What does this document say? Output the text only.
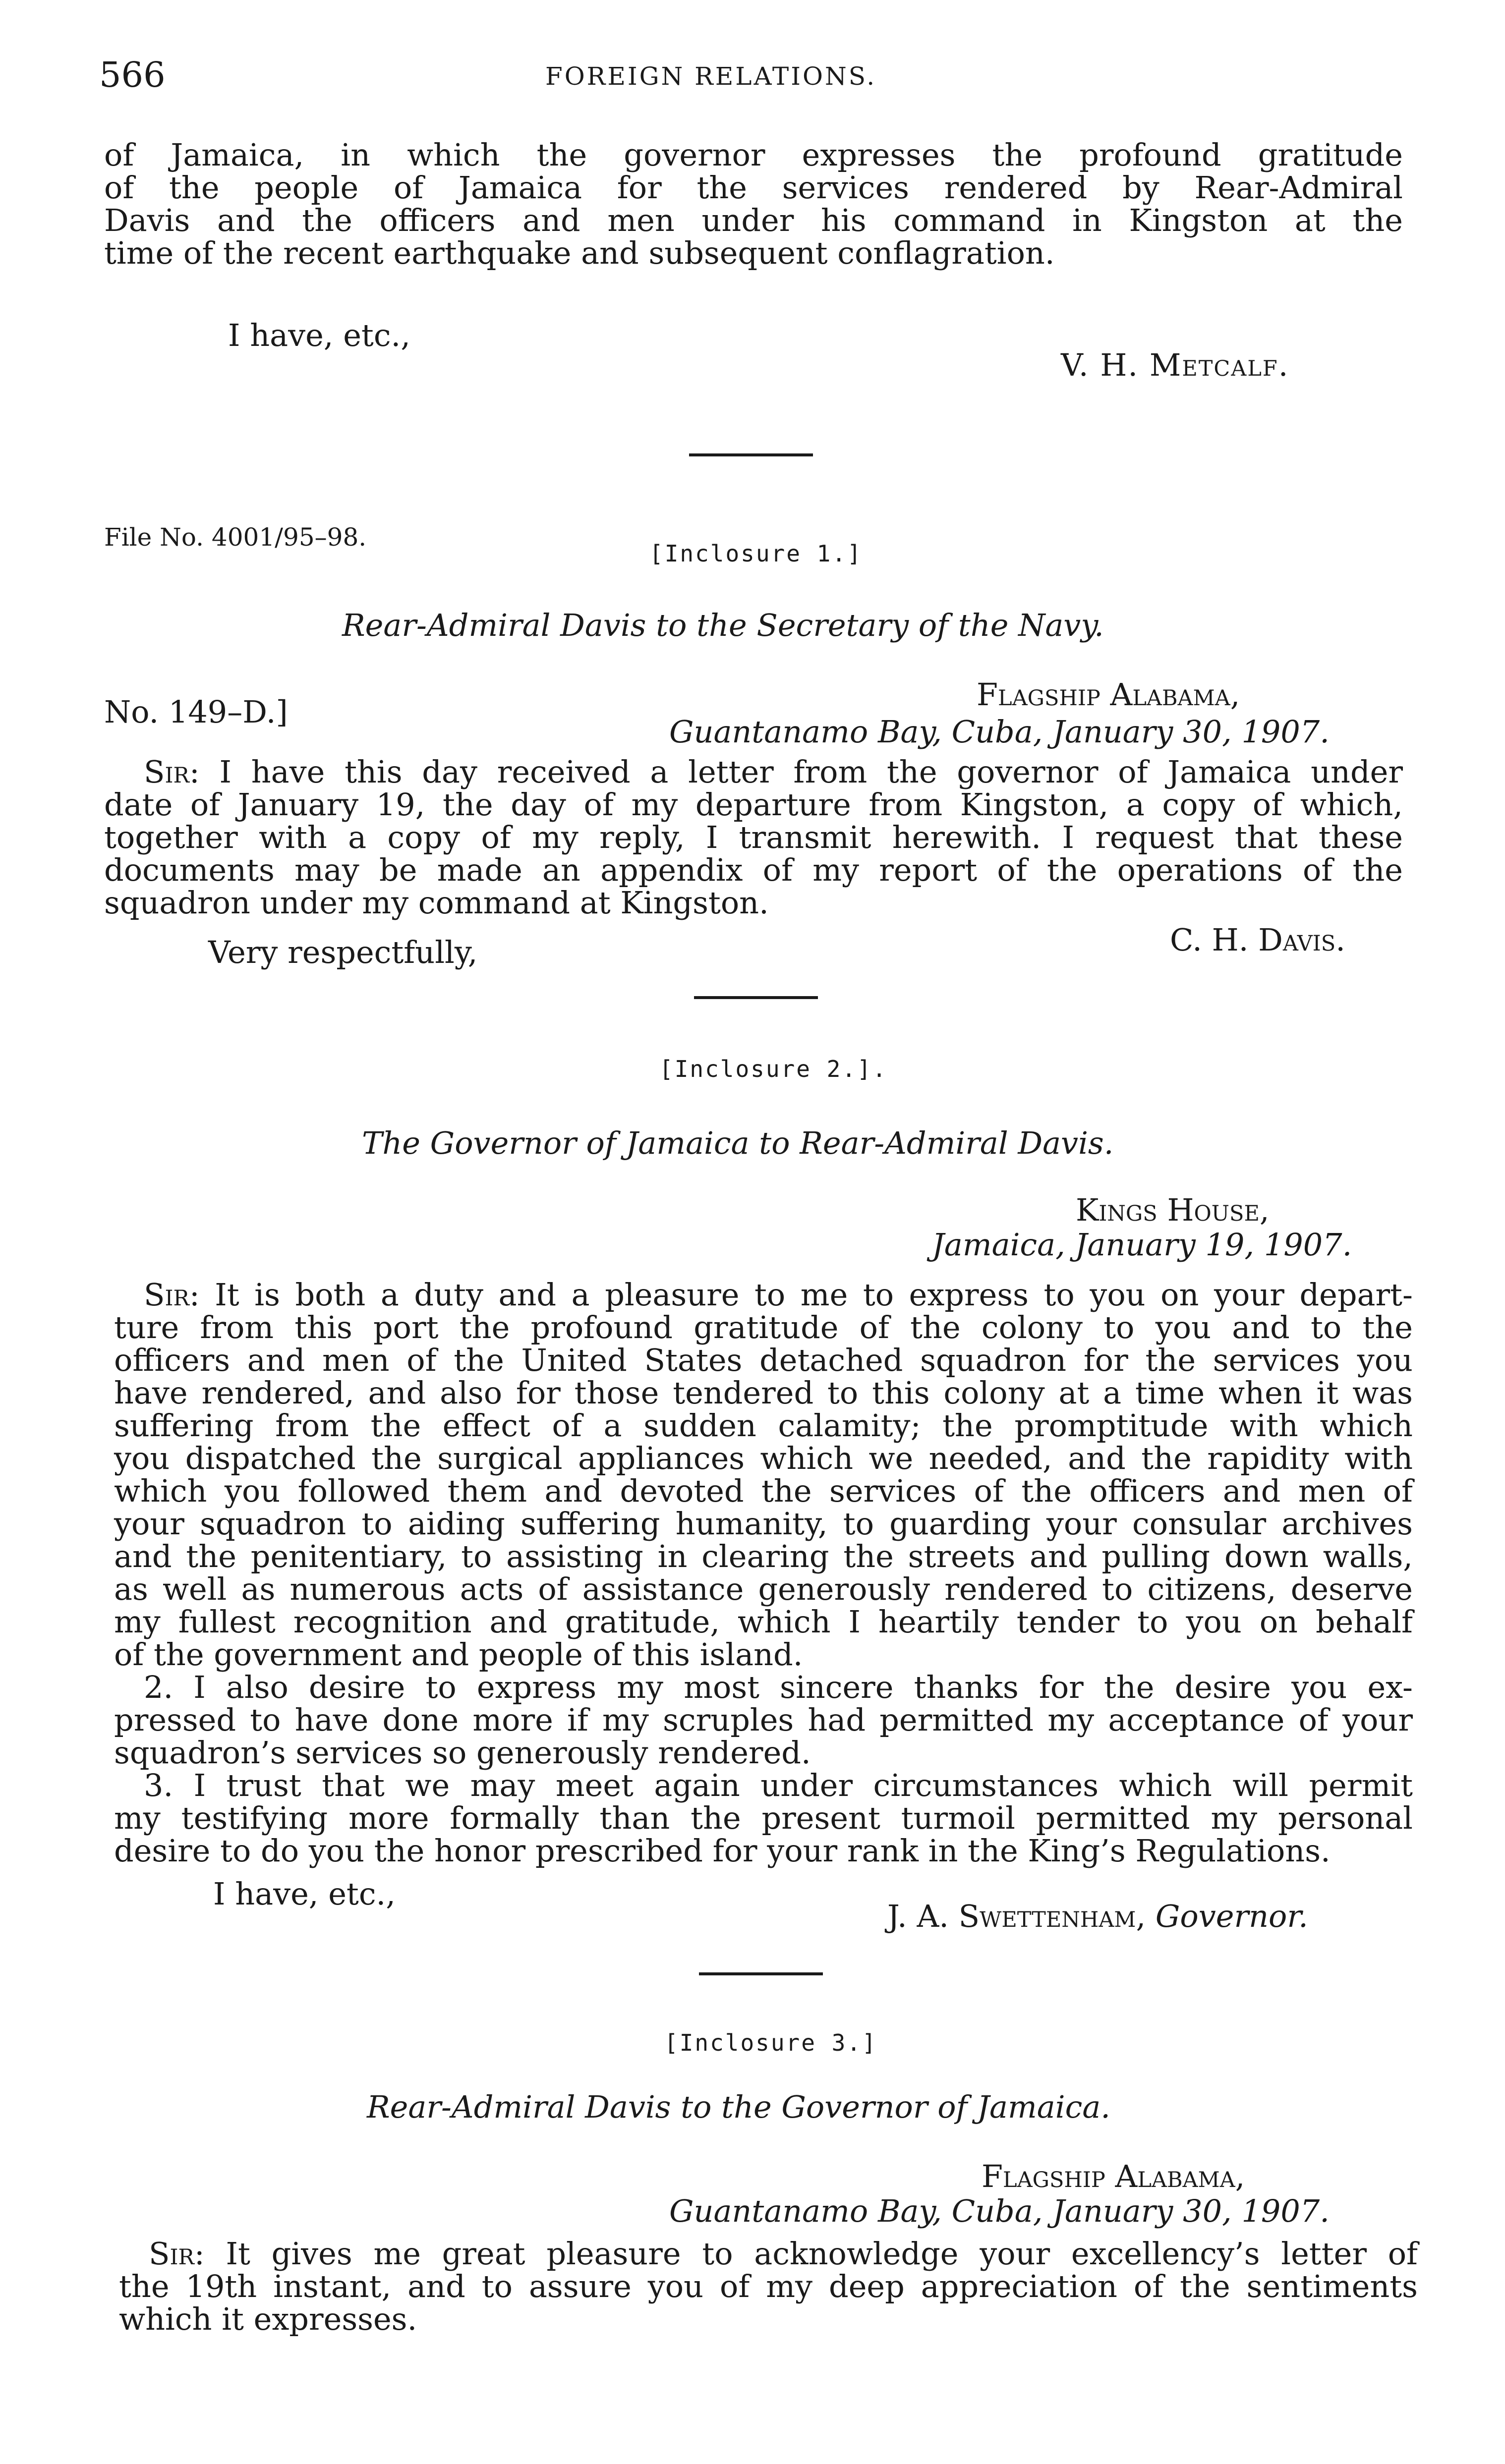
566	FOREIGN RELATIONS.

of Jamaica, in which the governor expresses the profound gratitude

of the people of Jamaica for the services rendered by Rear-Admiral

Davis and the officers and men under his command in Kingston at the

time of the recent earthquake and subsequent conflagration.

I have, etc.,
V. H. Metcalf.
File No. 4001/95–98.
[Inclosure 1.]
Rear-Admiral Davis to the Secretary of the Navy.
No. 149–D.]	Flagship Alabama,
Guantanamo Bay, Cuba, January 30, 1907.

Sir: I have this day received a letter from the governor of Jamaica under

date of January 19, the day of my departure from Kingston, a copy of which,

together with a copy of my reply, I transmit herewith. I request that these

documents may be made an appendix of my report of the operations of the

squadron under my command at Kingston.

Very respectfully,	C. H. Davis.
[Inclosure 2.].
The Governor of Jamaica to Rear-Admiral Davis.
Kings House,
Jamaica, January 19, 1907.

Sir: It is both a duty and a pleasure to me to express to you on your depart-

ture from this port the profound gratitude of the colony to you and to the

officers and men of the United States detached squadron for the services you

have rendered, and also for those tendered to this colony at a time when it was

suffering from the effect of a sudden calamity; the promptitude with which

you dispatched the surgical appliances which we needed, and the rapidity with

which you followed them and devoted the services of the officers and men of

your squadron to aiding suffering humanity, to guarding your consular archives

and the penitentiary, to assisting in clearing the streets and pulling down walls,

as well as numerous acts of assistance generously rendered to citizens, deserve

my fullest recognition and gratitude, which I heartily tender to you on behalf

of the government and people of this island.

2. I also desire to express my most sincere thanks for the desire you ex-

pressed to have done more if my scruples had permitted my acceptance of your

squadron’s services so generously rendered.

3. I trust that we may meet again under circumstances which will permit

my testifying more formally than the present turmoil permitted my personal

desire to do you the honor prescribed for your rank in the King’s Regulations.

I have, etc.,
J. A. Swettenham, Governor.
[Inclosure 3.]
Rear-Admiral Davis to the Governor of Jamaica.
Flagship Alabama,
Guantanamo Bay, Cuba, January 30, 1907.

Sir: It gives me great pleasure to acknowledge your excellency’s letter of

the 19th instant, and to assure you of my deep appreciation of the sentiments

which it expresses.
